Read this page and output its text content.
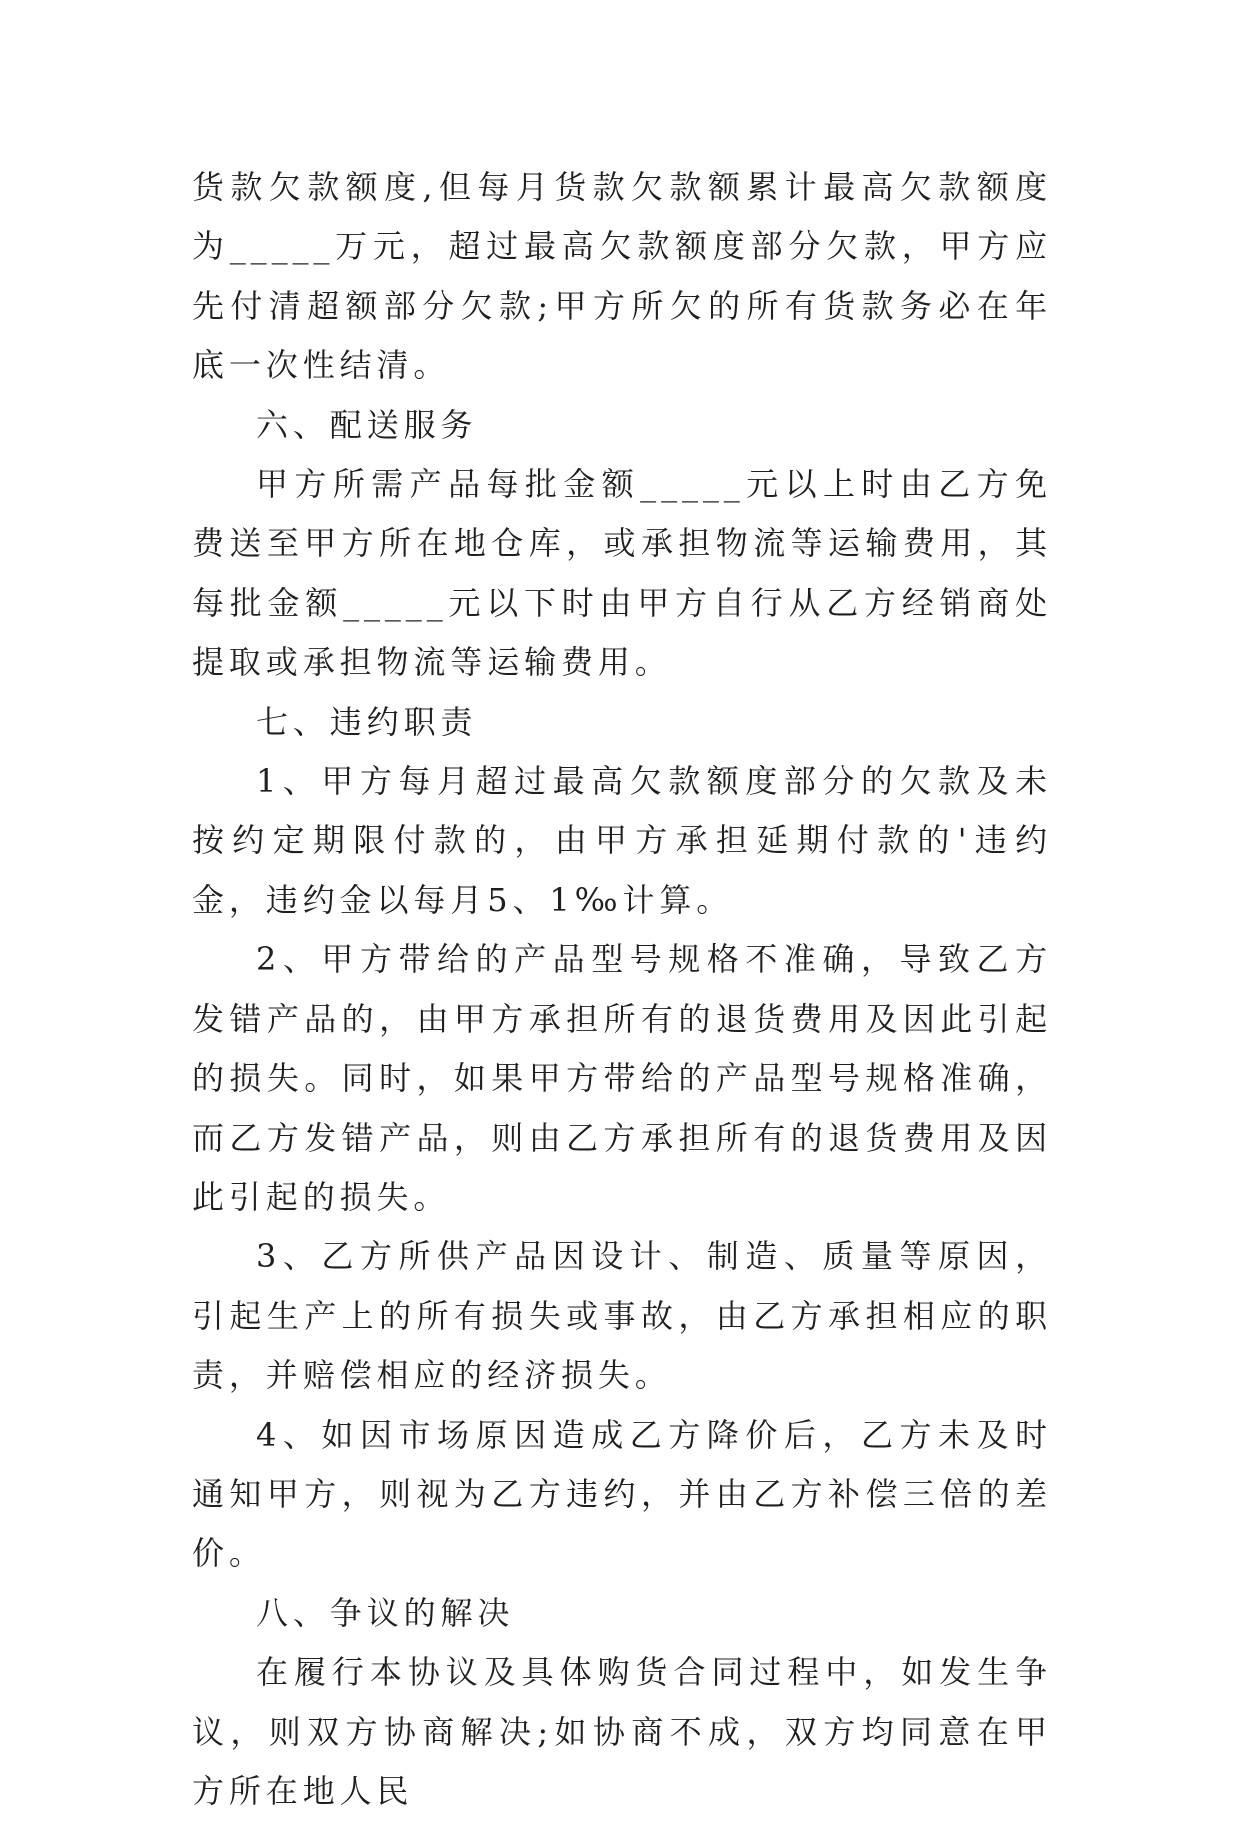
货款欠款额度,但每月货款欠款额累计最高欠款额度为_____万元，超过最高欠款额度部分欠款，甲方应先付清超额部分欠款;甲方所欠的所有货款务必在年底一次性结清。

六、配送服务

甲方所需产品每批金额_____元以上时由乙方免费送至甲方所在地仓库，或承担物流等运输费用，其每批金额_____元以下时由甲方自行从乙方经销商处提取或承担物流等运输费用。

七、违约职责

1、甲方每月超过最高欠款额度部分的欠款及未按约定期限付款的，由甲方承担延期付款的'违约金，违约金以每月5、1‰计算。

2、甲方带给的产品型号规格不准确，导致乙方发错产品的，由甲方承担所有的退货费用及因此引起的损失。同时，如果甲方带给的产品型号规格准确，而乙方发错产品，则由乙方承担所有的退货费用及因此引起的损失。

3、乙方所供产品因设计、制造、质量等原因，引起生产上的所有损失或事故，由乙方承担相应的职责，并赔偿相应的经济损失。

4、如因市场原因造成乙方降价后，乙方未及时通知甲方，则视为乙方违约，并由乙方补偿三倍的差价。

八、争议的解决

在履行本协议及具体购货合同过程中，如发生争议，则双方协商解决;如协商不成，双方均同意在甲方所在地人民
